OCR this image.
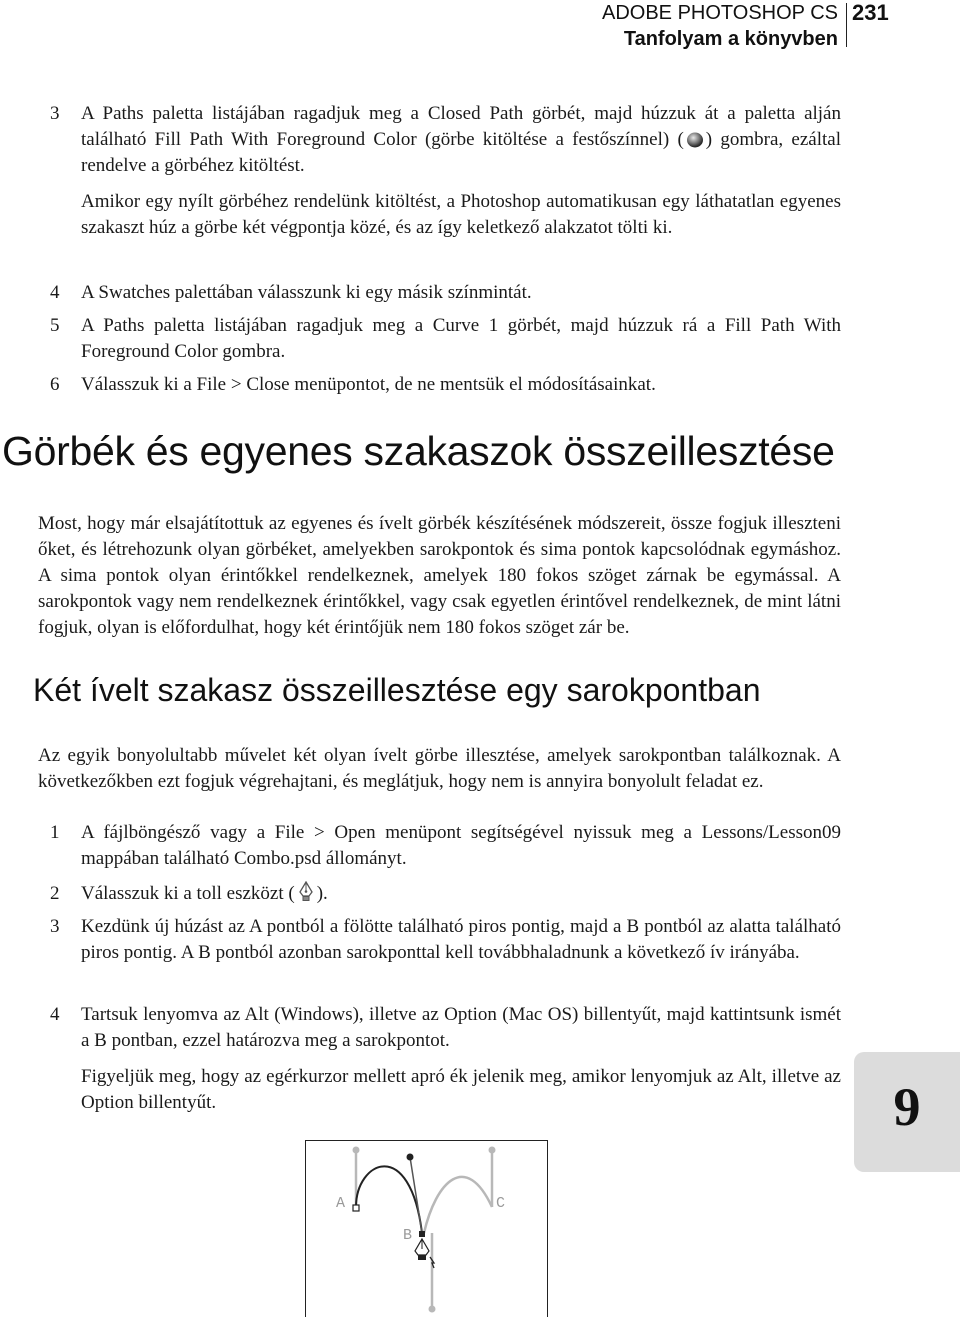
ADOBE PHOTOSHOP CS
Tanfolyam a könyvben
231
3	A Paths paletta listájában ragadjuk meg a Closed Path görbét, majd húzzuk át a paletta alján található Fill Path With Foreground Color (görbe kitöltése a festőszínnel) ( ) gombra, ezáltal rendelve a görbéhez kitöltést.

Amikor egy nyílt görbéhez rendelünk kitöltést, a Photoshop automatikusan egy láthatatlan egyenes szakaszt húz a görbe két végpontja közé, és az így keletkező alakzatot tölti ki.

4	A Swatches palettában válasszunk ki egy másik színmintát.

5	A Paths paletta listájában ragadjuk meg a Curve 1 görbét, majd húzzuk rá a Fill Path With Foreground Color gombra.

6	Válasszuk ki a File > Close menüpontot, de ne mentsük el módosításainkat.

Görbék és egyenes szakaszok összeillesztése

Most, hogy már elsajátítottuk az egyenes és ívelt görbék készítésének módszereit, össze fogjuk illeszteni őket, és létrehozunk olyan görbéket, amelyekben sarokpontok és sima pontok kapcsolódnak egymáshoz. A sima pontok olyan érintőkkel rendelkeznek, amelyek 180 fokos szöget zárnak be egymással. A sarokpontok vagy nem rendelkeznek érintőkkel, vagy csak egyetlen érintővel rendelkeznek, de mint látni fogjuk, olyan is előfordulhat, hogy két érintőjük nem 180 fokos szöget zár be.

Két ívelt szakasz összeillesztése egy sarokpontban

Az egyik bonyolultabb művelet két olyan ívelt görbe illesztése, amelyek sarokpontban találkoznak. A következőkben ezt fogjuk végrehajtani, és meglátjuk, hogy nem is annyira bonyolult feladat ez.

1	A fájlböngésző vagy a File > Open menüpont segítségével nyissuk meg a Lessons/Lesson09 mappában található Combo.psd állományt.

2	Válasszuk ki a toll eszközt ( ).

3	Kezdünk új húzást az A pontból a fölötte található piros pontig, majd a B pontból az alatta található piros pontig. A B pontból azonban sarokponttal kell továbbhaladnunk a következő ív irányába.

4	Tartsuk lenyomva az Alt (Windows), illetve az Option (Mac OS) billentyűt, majd kattintsunk ismét a B pontban, ezzel határozva meg a sarokpontot.

Figyeljük meg, hogy az egérkurzor mellett apró ék jelenik meg, amikor lenyomjuk az Alt, illetve az Option billentyűt.	9
A
B
C
